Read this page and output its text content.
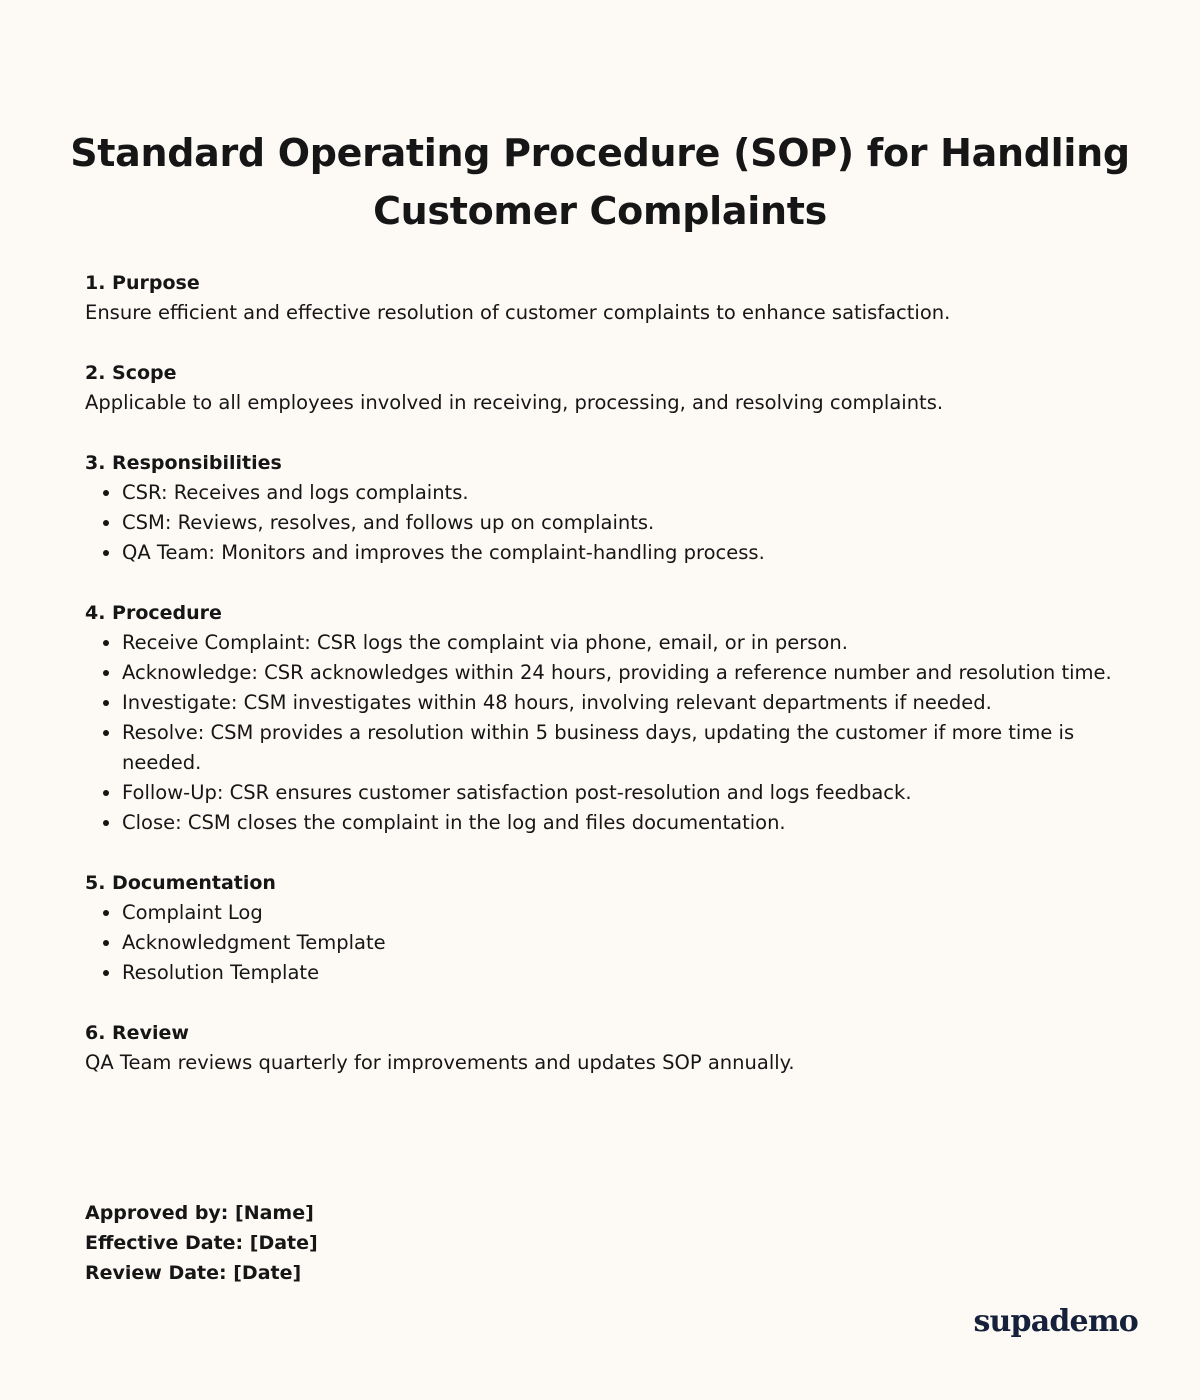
Standard Operating Procedure (SOP) for Handling Customer Complaints
1. Purpose

Ensure efficient and effective resolution of customer complaints to enhance satisfaction.

2. Scope

Applicable to all employees involved in receiving, processing, and resolving complaints.

3. Responsibilities
CSR: Receives and logs complaints.
CSM: Reviews, resolves, and follows up on complaints.
QA Team: Monitors and improves the complaint-handling process.
4. Procedure
Receive Complaint: CSR logs the complaint via phone, email, or in person.
Acknowledge: CSR acknowledges within 24 hours, providing a reference number and resolution time.
Investigate: CSM investigates within 48 hours, involving relevant departments if needed.
Resolve: CSM provides a resolution within 5 business days, updating the customer if more time is needed.
Follow-Up: CSR ensures customer satisfaction post-resolution and logs feedback.
Close: CSM closes the complaint in the log and files documentation.
5. Documentation
Complaint Log
Acknowledgment Template
Resolution Template
6. Review

QA Team reviews quarterly for improvements and updates SOP annually.

Approved by: [Name]
Effective Date: [Date]
Review Date: [Date]
supademo
